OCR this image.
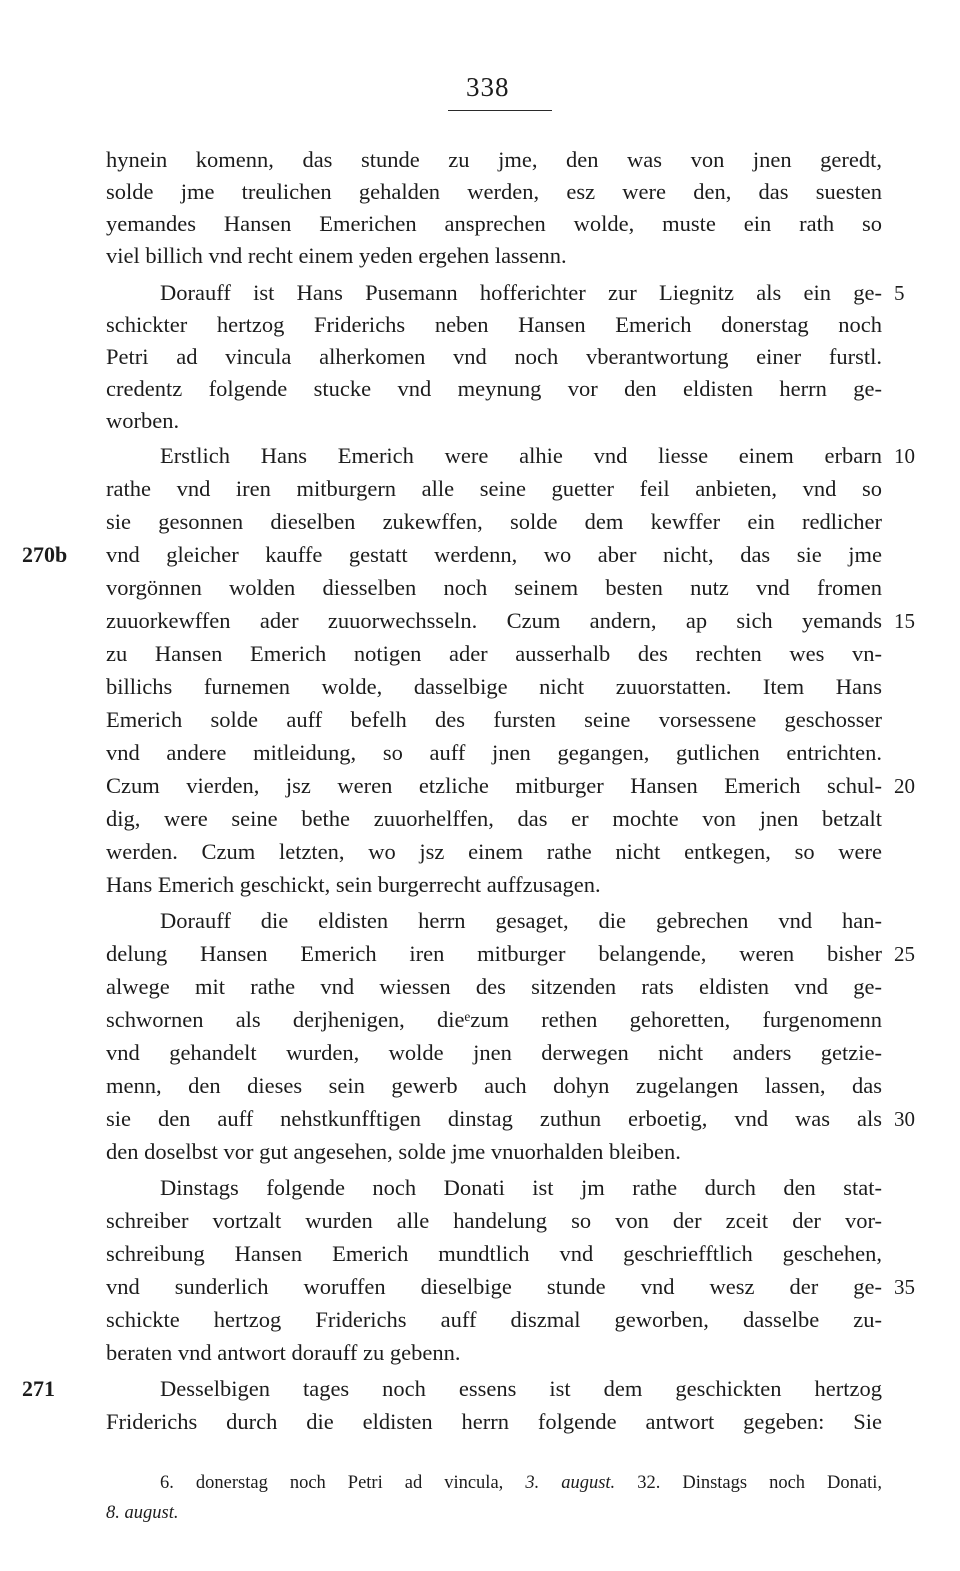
338
hynein komenn, das stunde zu jme, den was von jnen geredt,
solde jme treulichen gehalden werden, esz were den, das suesten
yemandes Hansen Emerichen ansprechen wolde, muste ein rath so
viel billich vnd recht einem yeden ergehen lassenn.
Dorauff ist Hans Pusemann hofferichter zur Liegnitz als ein ge-
schickter hertzog Friderichs neben Hansen Emerich donerstag noch
Petri ad vincula alherkomen vnd noch vberantwortung einer furstl.
credentz folgende stucke vnd meynung vor den eldisten herrn ge-
worben.
Erstlich Hans Emerich were alhie vnd liesse einem erbarn
rathe vnd iren mitburgern alle seine guetter feil anbieten, vnd so
sie gesonnen dieselben zukewffen, solde dem kewffer ein redlicher
vnd gleicher kauffe gestatt werdenn, wo aber nicht, das sie jme
vorgönnen wolden diesselben noch seinem besten nutz vnd fromen
zuuorkewffen ader zuuorwechsseln. Czum andern, ap sich yemands
zu Hansen Emerich notigen ader ausserhalb des rechten wes vn-
billichs furnemen wolde, dasselbige nicht zuuorstatten. Item Hans
Emerich solde auff befelh des fursten seine vorsessene geschosser
vnd andere mitleidung, so auff jnen gegangen, gutlichen entrichten.
Czum vierden, jsz weren etzliche mitburger Hansen Emerich schul-
dig, were seine bethe zuuorhelffen, das er mochte von jnen betzalt
werden. Czum letzten, wo jsz einem rathe nicht entkegen, so were
Hans Emerich geschickt, sein burgerrecht auffzusagen.
Dorauff die eldisten herrn gesaget, die gebrechen vnd han-
delung Hansen Emerich iren mitburger belangende, weren bisher
alwege mit rathe vnd wiessen des sitzenden rats eldisten vnd ge-
schwornen als derjhenigen, dieᵉzum rethen gehoretten, furgenomenn
vnd gehandelt wurden, wolde jnen derwegen nicht anders getzie-
menn, den dieses sein gewerb auch dohyn zugelangen lassen, das
sie den auff nehstkunfftigen dinstag zuthun erboetig, vnd was als
den doselbst vor gut angesehen, solde jme vnuorhalden bleiben.
Dinstags folgende noch Donati ist jm rathe durch den stat-
schreiber vortzalt wurden alle handelung so von der zceit der vor-
schreibung Hansen Emerich mundtlich vnd geschriefftlich geschehen,
vnd sunderlich woruffen dieselbige stunde vnd wesz der ge-
schickte hertzog Friderichs auff diszmal geworben, dasselbe zu-
beraten vnd antwort dorauff zu gebenn.
Desselbigen tages noch essens ist dem geschickten hertzog
Friderichs durch die eldisten herrn folgende antwort gegeben: Sie
5
10
15
20
25
30
35
270b
271
6. donerstag noch Petri ad vincula, 3. august. 32. Dinstags noch Donati,
8. august.
